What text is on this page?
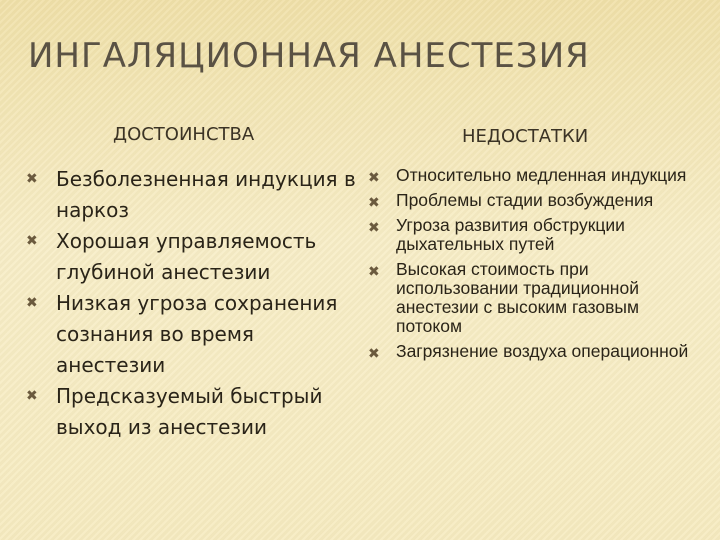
ИНГАЛЯЦИОННАЯ АНЕСТЕЗИЯ
ДОСТОИНСТВА	НЕДОСТАТКИ
✖ Безболезненная индукция в наркоз
✖ Хорошая управляемость глубиной анестезии
✖ Низкая угроза сохранения сознания во время анестезии
✖ Предсказуемый быстрый выход из анестезии
✖ Относительно медленная индукция
✖ Проблемы стадии возбуждения
✖ Угроза развития обструкции дыхательных путей
✖ Высокая стоимость при использовании традиционной анестезии с высоким газовым потоком
✖ Загрязнение воздуха операционной
